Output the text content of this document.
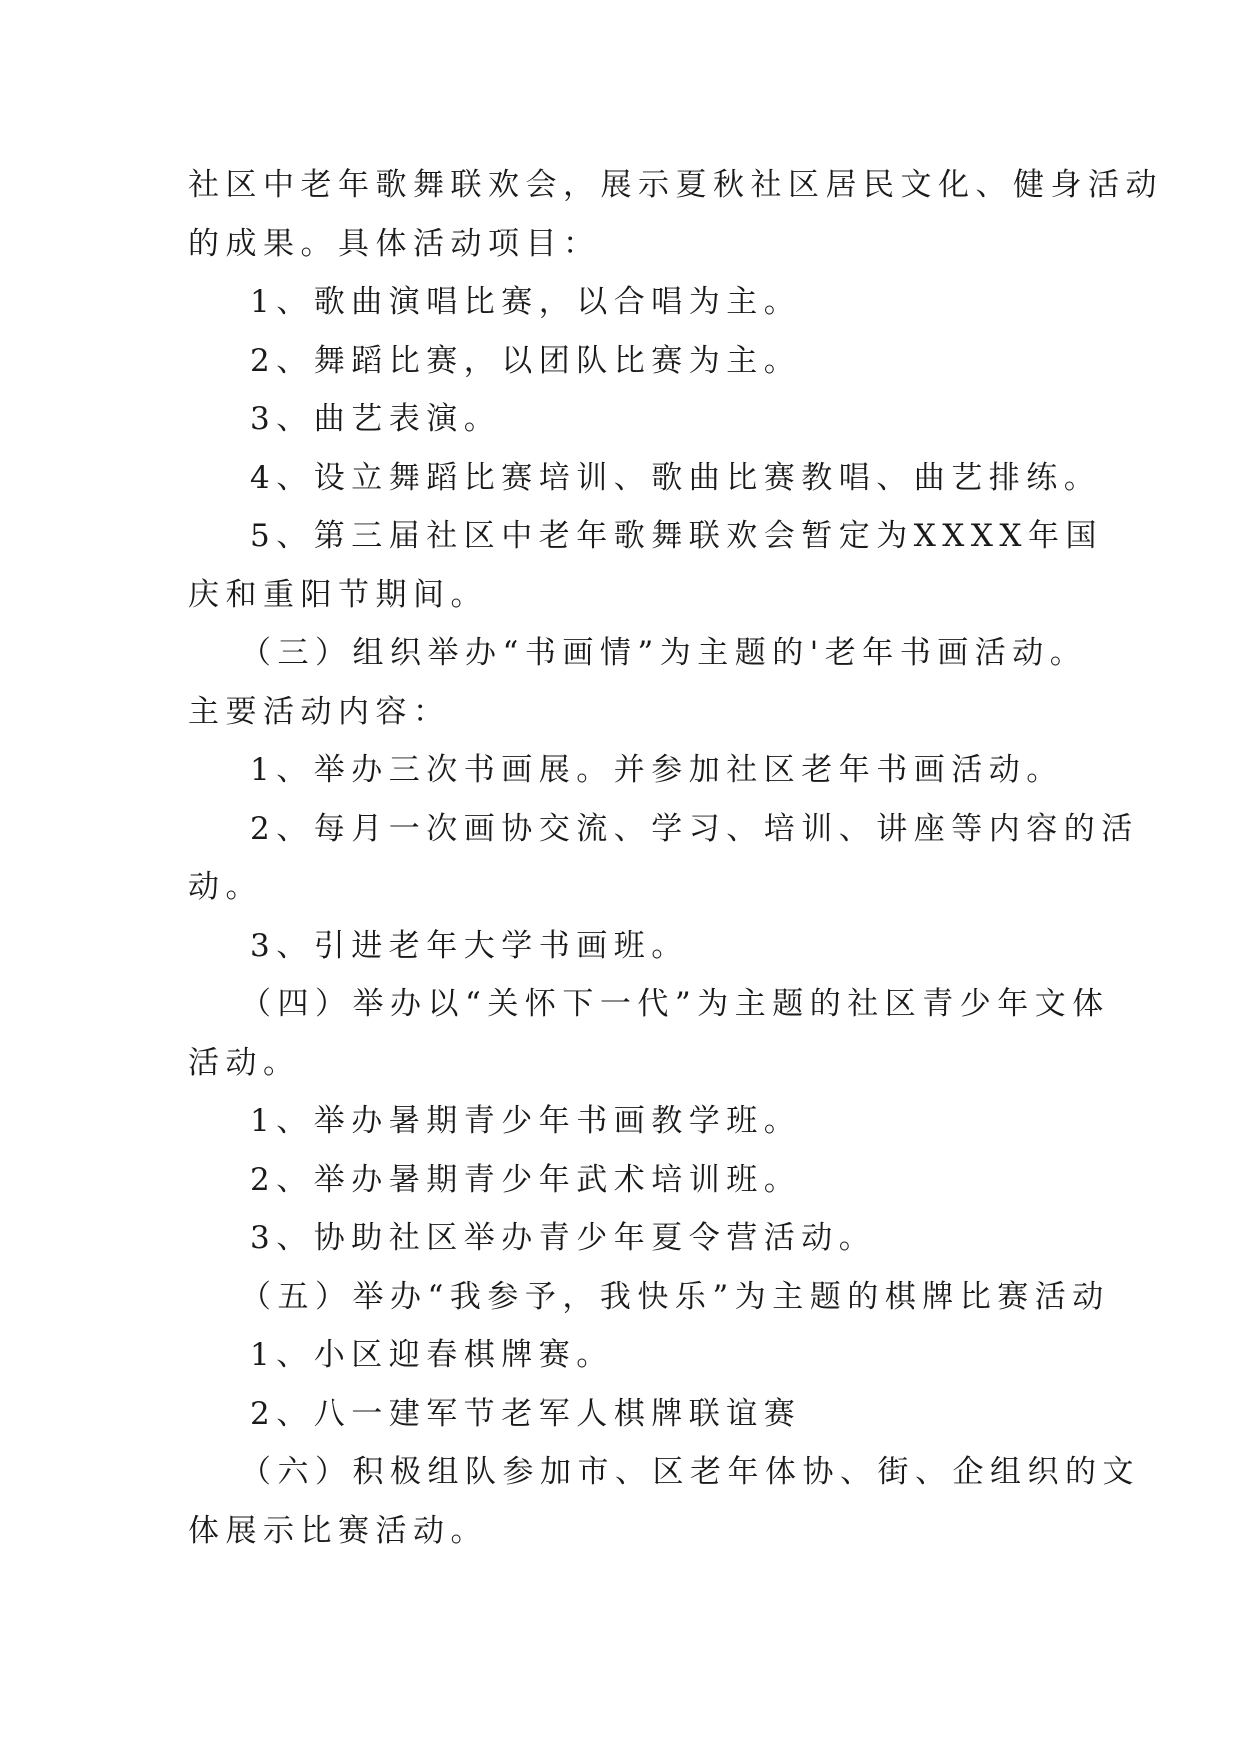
社区中老年歌舞联欢会，展示夏秋社区居民文化、健身活动

的成果。具体活动项目：

1、歌曲演唱比赛，以合唱为主。

2、舞蹈比赛，以团队比赛为主。

3、曲艺表演。

4、设立舞蹈比赛培训、歌曲比赛教唱、曲艺排练。

5、第三届社区中老年歌舞联欢会暂定为XXXX年国

庆和重阳节期间。

（三）组织举办“书画情”为主题的'老年书画活动。

主要活动内容：

1、举办三次书画展。并参加社区老年书画活动。

2、每月一次画协交流、学习、培训、讲座等内容的活

动。

3、引进老年大学书画班。

（四）举办以“关怀下一代”为主题的社区青少年文体

活动。

1、举办暑期青少年书画教学班。

2、举办暑期青少年武术培训班。

3、协助社区举办青少年夏令营活动。

（五）举办“我参予，我快乐”为主题的棋牌比赛活动

1、小区迎春棋牌赛。

2、八一建军节老军人棋牌联谊赛

（六）积极组队参加市、区老年体协、街、企组织的文

体展示比赛活动。
